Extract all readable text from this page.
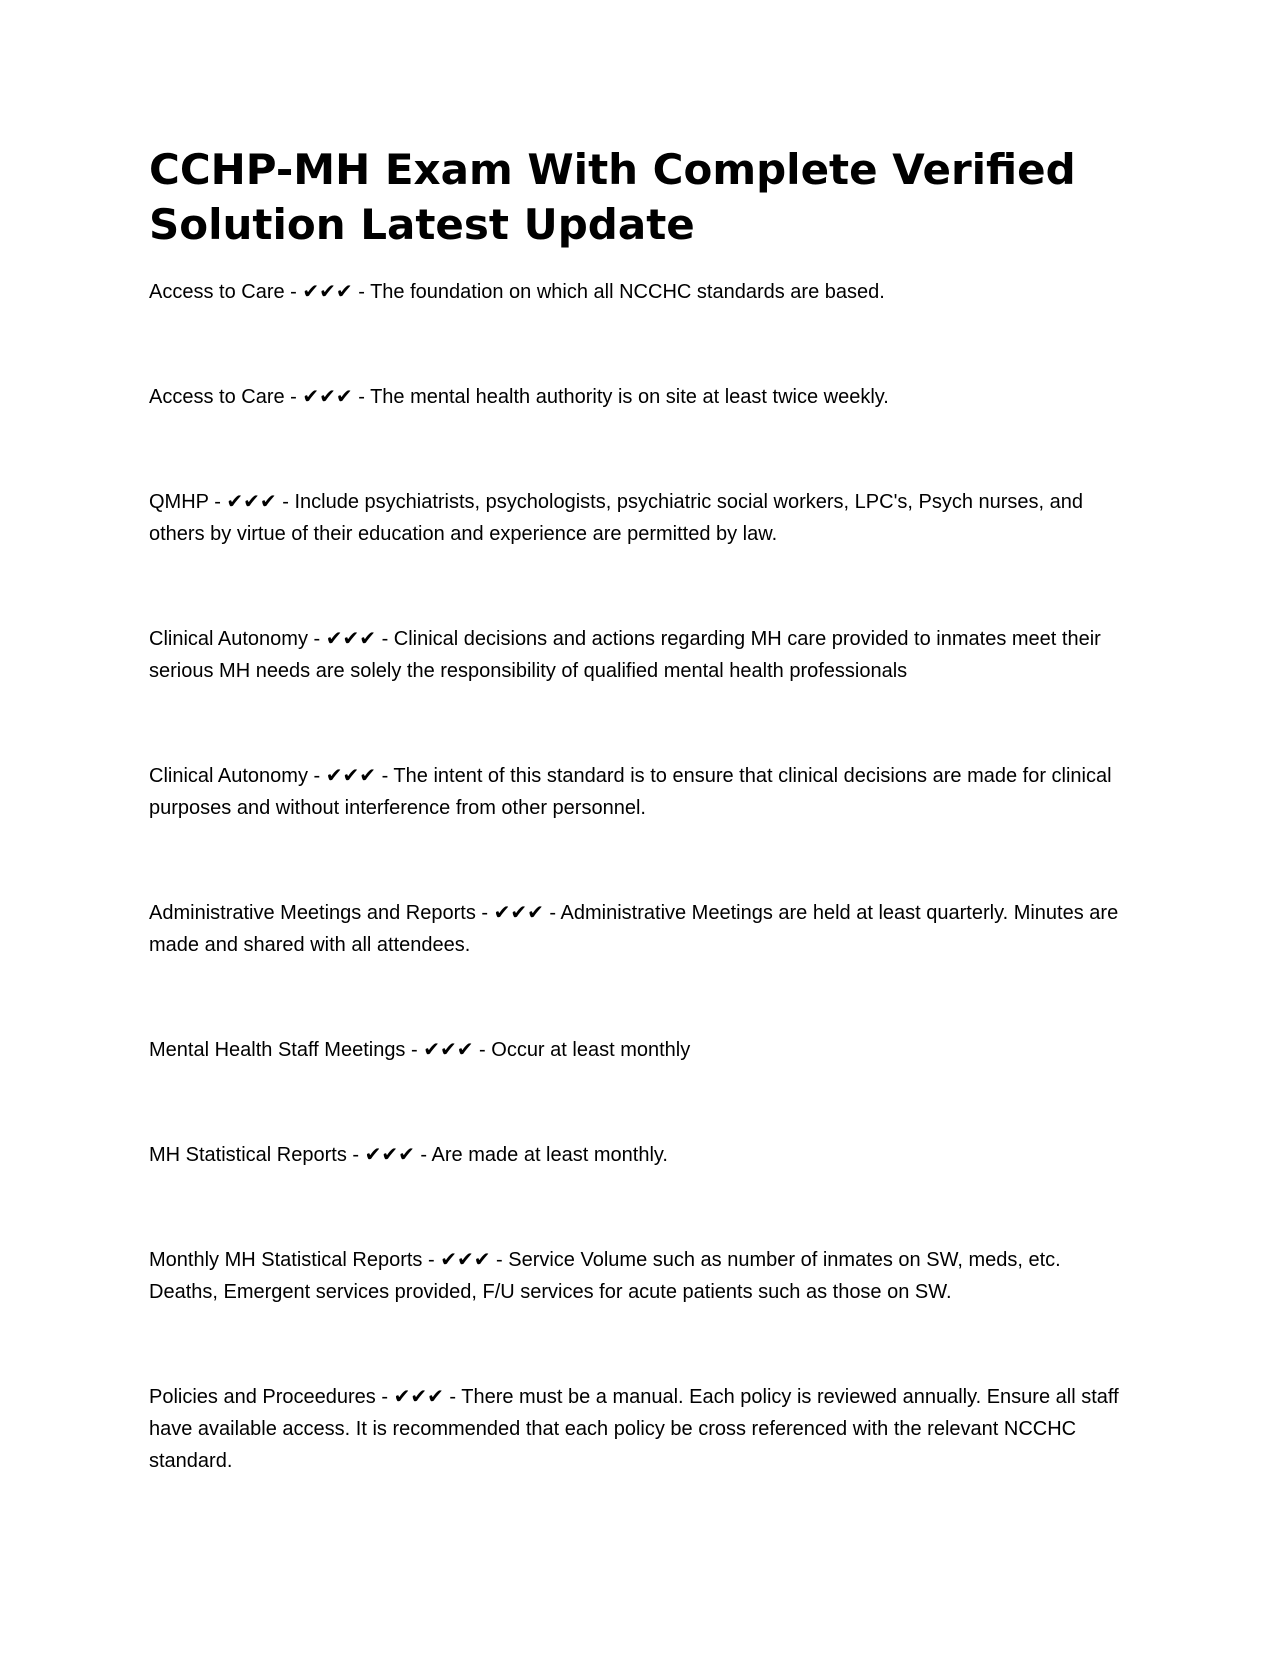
CCHP-MH Exam With Complete Verified Solution Latest Update

Access to Care - ✔✔✔ - The foundation on which all NCCHC standards are based.

Access to Care - ✔✔✔ - The mental health authority is on site at least twice weekly.

QMHP - ✔✔✔ - Include psychiatrists, psychologists, psychiatric social workers, LPC's, Psych nurses, and others by virtue of their education and experience are permitted by law.

Clinical Autonomy - ✔✔✔ - Clinical decisions and actions regarding MH care provided to inmates meet their serious MH needs are solely the responsibility of qualified mental health professionals

Clinical Autonomy - ✔✔✔ - The intent of this standard is to ensure that clinical decisions are made for clinical purposes and without interference from other personnel.

Administrative Meetings and Reports - ✔✔✔ - Administrative Meetings are held at least quarterly. Minutes are made and shared with all attendees.

Mental Health Staff Meetings - ✔✔✔ - Occur at least monthly

MH Statistical Reports - ✔✔✔ - Are made at least monthly.

Monthly MH Statistical Reports - ✔✔✔ - Service Volume such as number of inmates on SW, meds, etc. Deaths, Emergent services provided, F/U services for acute patients such as those on SW.

Policies and Proceedures - ✔✔✔ - There must be a manual. Each policy is reviewed annually. Ensure all staff have available access. It is recommended that each policy be cross referenced with the relevant NCCHC standard.
